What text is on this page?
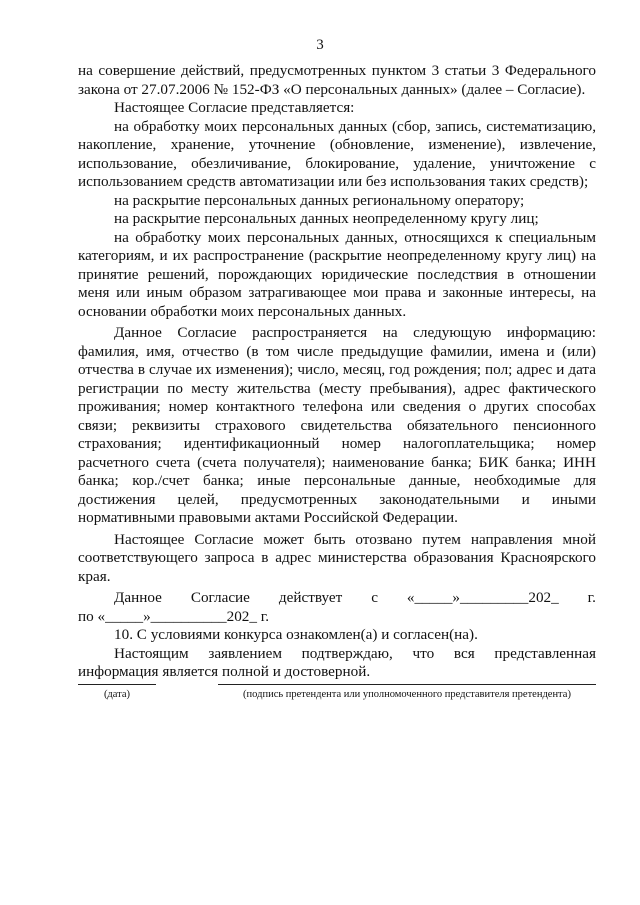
3

на совершение действий, предусмотренных пунктом 3 статьи 3 Федерального закона от 27.07.2006 № 152-ФЗ «О персональных данных» (далее – Согласие).

Настоящее Согласие представляется:

на обработку моих персональных данных (сбор, запись, систематизацию, накопление, хранение, уточнение (обновление, изменение), извлечение, использование, обезличивание, блокирование, удаление, уничтожение с использованием средств автоматизации или без использования таких средств);

на раскрытие персональных данных региональному оператору;

на раскрытие персональных данных неопределенному кругу лиц;

на обработку моих персональных данных, относящихся к специальным категориям, и их распространение (раскрытие неопределенному кругу лиц) на принятие решений, порождающих юридические последствия в отношении меня или иным образом затрагивающее мои права и законные интересы, на основании обработки моих персональных данных.

Данное Согласие распространяется на следующую информацию: фамилия, имя, отчество (в том числе предыдущие фамилии, имена и (или) отчества в случае их изменения); число, месяц, год рождения; пол; адрес и дата регистрации по месту жительства (месту пребывания), адрес фактического проживания; номер контактного телефона или сведения о других способах связи; реквизиты страхового свидетельства обязательного пенсионного страхования; идентификационный номер налогоплательщика; номер расчетного счета (счета получателя); наименование банка; БИК банка; ИНН банка; кор./счет банка; иные персональные данные, необходимые для достижения целей, предусмотренных законодательными и иными нормативными правовыми актами Российской Федерации.

Настоящее Согласие может быть отозвано путем направления мной соответствующего запроса в адрес министерства образования Красноярского края.

Данное Согласие действует с «_____»_________202_ г.

по «_____»__________202_ г.

10. С условиями конкурса ознакомлен(а) и согласен(на).

Настоящим заявлением подтверждаю, что вся представленная информация является полной и достоверной.

(дата)	(подпись претендента или уполномоченного представителя претендента)
